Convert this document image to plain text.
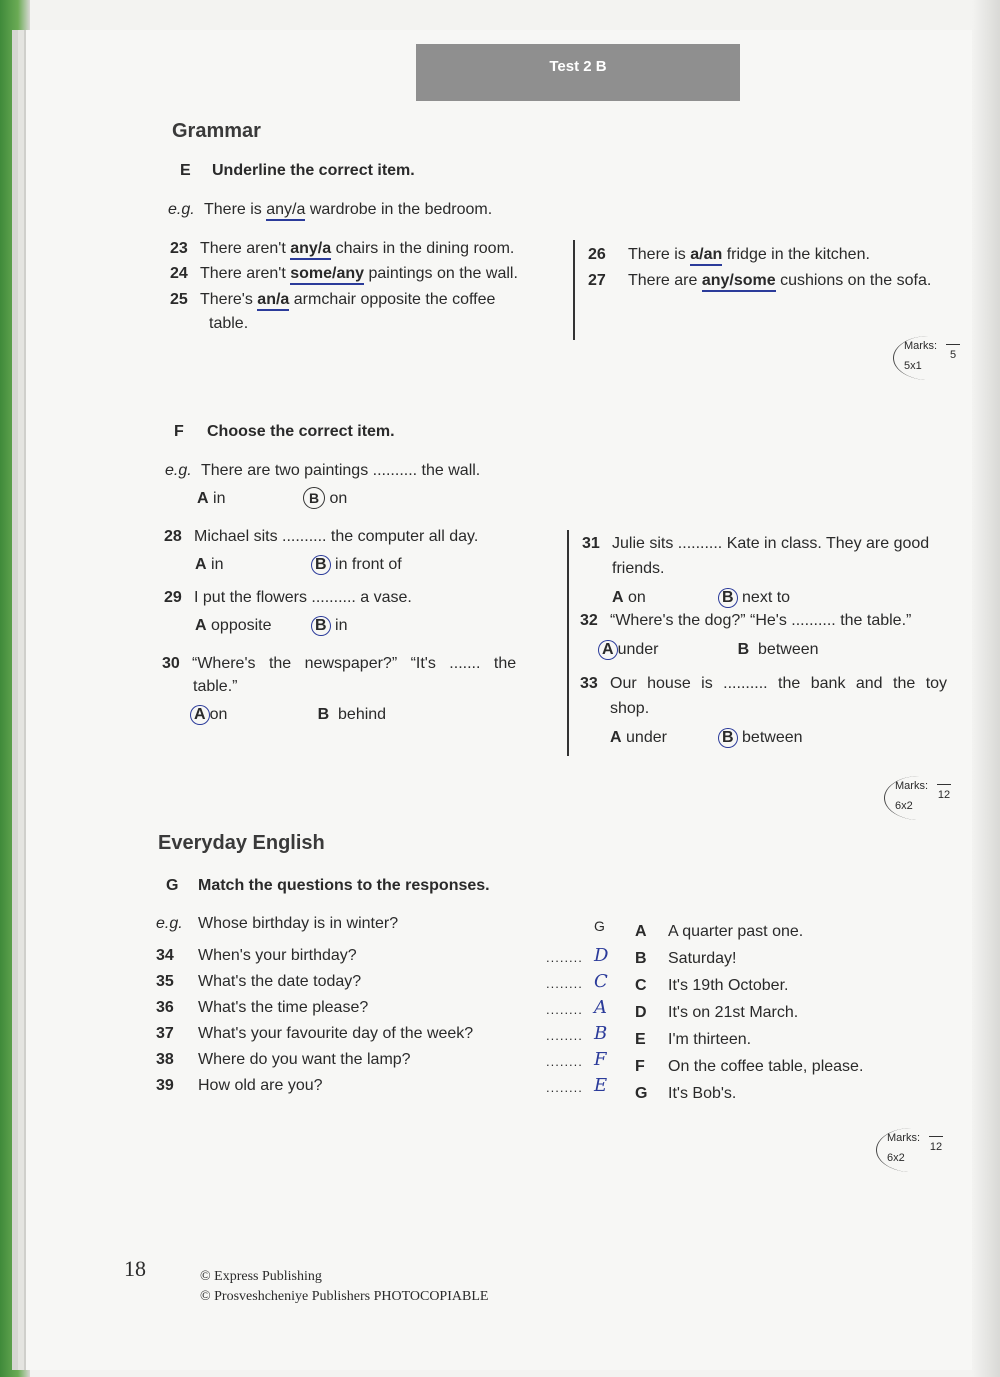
Test 2 B
Grammar
E Underline the correct item.
e.g. There is any/a wardrobe in the bedroom.
23 There aren't any/a chairs in the dining room.
24 There aren't some/any paintings on the wall.
25 There's an/a armchair opposite the coffee
table.
26 There is a/an fridge in the kitchen.
27 There are any/some cushions on the sofa.
Marks:
5x1
5
F Choose the correct item.
e.g. There are two paintings .......... the wall.
A in	B on
28 Michael sits .......... the computer all day.
A in	B in front of
29 I put the flowers .......... a vase.
A opposite	B in
30 “Where's the newspaper?” “It's ....... the
table.”
A on	B behind
31 Julie sits .......... Kate in class. They are good
friends.
A on	B next to
32 “Where's the dog?” “He's .......... the table.”
A under	B between
33 Our house is .......... the bank and the toy
shop.
A under	B between
Marks:
6x2
12
Everyday English
G Match the questions to the responses.
e.g. Whose birthday is in winter?	G
34 When's your birthday?	........ D
35 What's the date today?	........ C
36 What's the time please?	........ A
37 What's your favourite day of the week?	........ B
38 Where do you want the lamp?	........ F
39 How old are you?	........ E
A A quarter past one.
B Saturday!
C It's 19th October.
D It's on 21st March.
E I'm thirteen.
F On the coffee table, please.
G It's Bob's.
Marks:
6x2
12
18	© Express Publishing
© Prosveshcheniye Publishers PHOTOCOPIABLE
